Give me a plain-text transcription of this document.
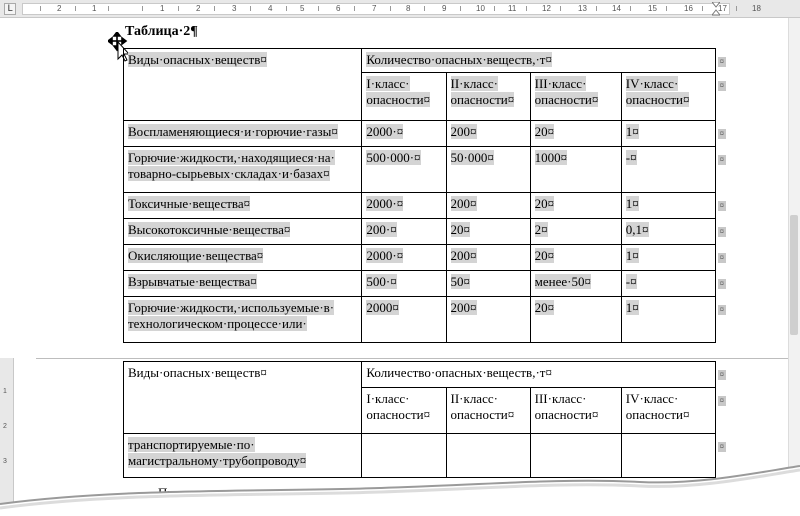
L	2	1	1	2	3	4	5	6	7	8	9	10	11	12	13	14	15	16	17	18
1
2
3
Таблица·2¶
Виды·опасных·веществ¤	Количество·опасных·веществ,·т¤				¤
	I·класс· опасности¤	II·класс· опасности¤	III·класс· опасности¤	IV·класс· опасности¤	¤
Воспламеняющиеся·и·горючие·газы¤	2000·¤	200¤	20¤	1¤	¤
Горючие·жидкости,·находящиеся·на· товарно-сырьевых·складах·и·базах¤	500·000·¤	50·000¤	1000¤	-¤	¤
Токсичные·вещества¤	2000·¤	200¤	20¤	1¤	¤
Высокотоксичные·вещества¤	200·¤	20¤	2¤	0,1¤	¤
Окисляющие·вещества¤	2000·¤	200¤	20¤	1¤	¤
Взрывчатые·вещества¤	500·¤	50¤	менее·50¤	-¤	¤
Горючие·жидкости,·используемые·в· технологическом·процессе·или·	2000¤	200¤	20¤	1¤	¤
Виды·опасных·веществ¤	Количество·опасных·веществ,·т¤				¤
	I·класс· опасности¤	II·класс· опасности¤	III·класс· опасности¤	IV·класс· опасности¤	¤
транспортируемые·по· магистральному·трубопроводу¤					¤
